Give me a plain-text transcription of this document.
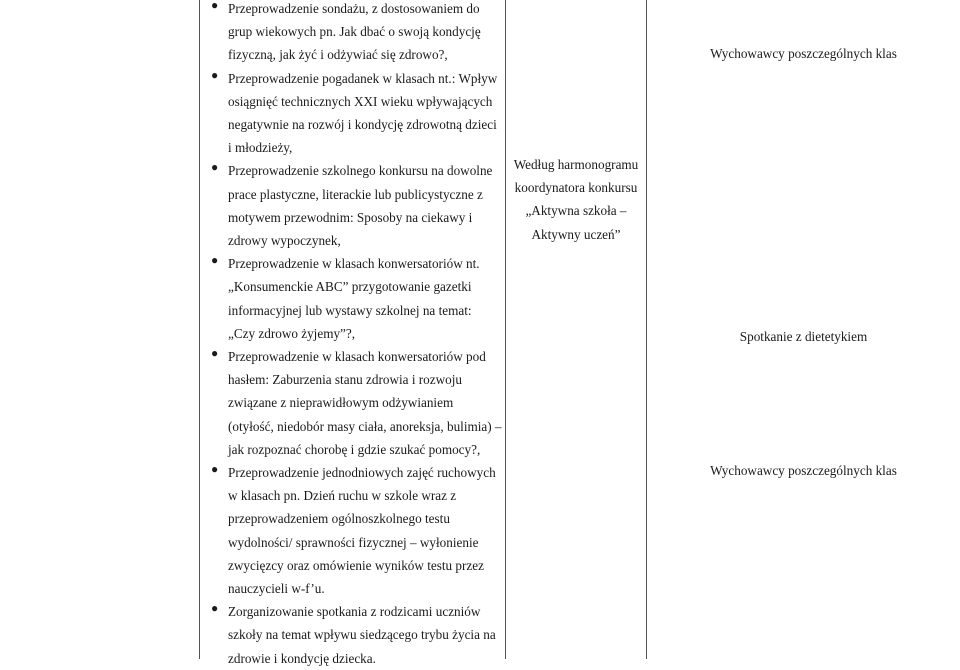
● Przeprowadzenie sondażu, z dostosowaniem do
grup wiekowych pn. Jak dbać o swoją kondycję
fizyczną, jak żyć i odżywiać się zdrowo?,
● Przeprowadzenie pogadanek w klasach nt.: Wpływ
osiągnięć technicznych XXI wieku wpływających
negatywnie na rozwój i kondycję zdrowotną dzieci
i młodzieży,
● Przeprowadzenie szkolnego konkursu na dowolne
prace plastyczne, literackie lub publicystyczne z
motywem przewodnim: Sposoby na ciekawy i
zdrowy wypoczynek,
● Przeprowadzenie w klasach konwersatoriów nt.
„Konsumenckie ABC” przygotowanie gazetki
informacyjnej lub wystawy szkolnej na temat:
„Czy zdrowo żyjemy”?,
● Przeprowadzenie w klasach konwersatoriów pod
hasłem: Zaburzenia stanu zdrowia i rozwoju
związane z nieprawidłowym odżywianiem
(otyłość, niedobór masy ciała, anoreksja, bulimia) –
jak rozpoznać chorobę i gdzie szukać pomocy?,
● Przeprowadzenie jednodniowych zajęć ruchowych
w klasach pn. Dzień ruchu w szkole wraz z
przeprowadzeniem ogólnoszkolnego testu
wydolności/ sprawności fizycznej – wyłonienie
zwycięzcy oraz omówienie wyników testu przez
nauczycieli w-f’u.
● Zorganizowanie spotkania z rodzicami uczniów
szkoły na temat wpływu siedzącego trybu życia na
zdrowie i kondycję dziecka.
Według harmonogramu
koordynatora konkursu
„Aktywna szkoła –
Aktywny uczeń”
Wychowawcy poszczególnych klas
Spotkanie z dietetykiem
Wychowawcy poszczególnych klas
